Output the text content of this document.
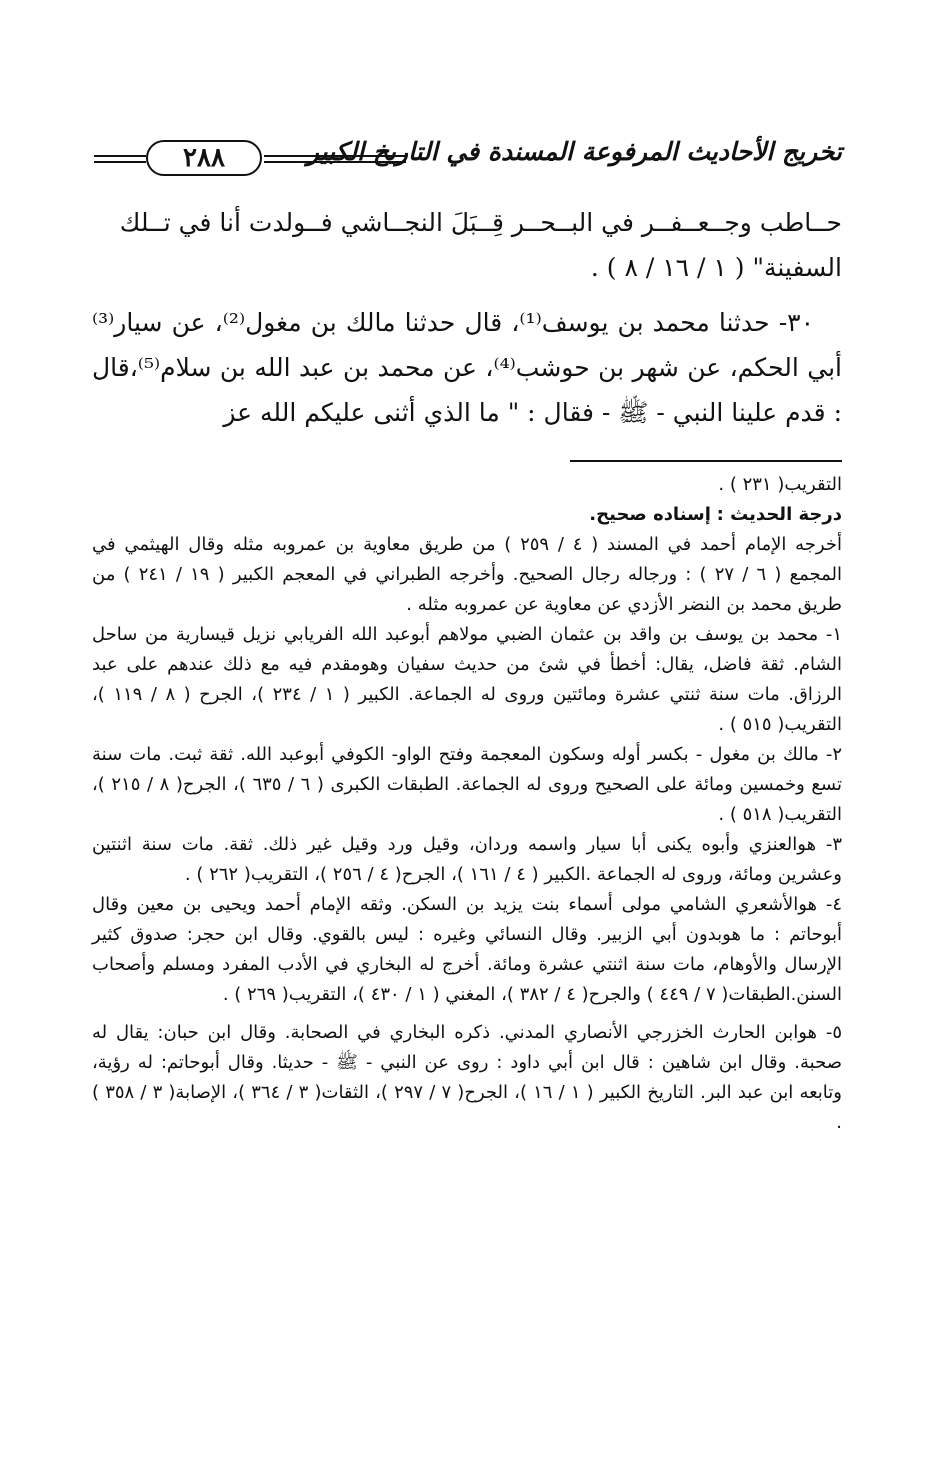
تخريج الأحاديث المرفوعة المسندة في التاريخ الكبير
٢٨٨

حــاطب وجــعــفــر في البــحــر قِــبَلَ النجــاشي فــولدت أنا في تــلك

السفينة" ( ١ / ١٦ / ٨ ) .

٣٠- حدثنا محمد بن يوسف⁽¹⁾، قال حدثنا مالك بن مغول⁽²⁾، عن سيار⁽³⁾ أبي الحكم، عن شهر بن حوشب⁽⁴⁾، عن محمد بن عبد الله بن سلام⁽⁵⁾،قال : قدم علينا النبي - ﷺ - فقال : " ما الذي أثنى عليكم الله عز

التقريب( ٢٣١ ) .

درجة الحديث : إسناده صحيح.

أخرجه الإمام أحمد في المسند ( ٤ / ٢٥٩ ) من طريق معاوية بن عمروبه مثله وقال الهيثمي في المجمع ( ٦ / ٢٧ ) : ورجاله رجال الصحيح. وأخرجه الطبراني في المعجم الكبير ( ١٩ / ٢٤١ ) من طريق محمد بن النضر الأزدي عن معاوية عن عمروبه مثله .

١- محمد بن يوسف بن واقد بن عثمان الضبي مولاهم أبوعبد الله الفريابي نزيل قيسارية من ساحل الشام. ثقة فاضل، يقال: أخطأ في شئ من حديث سفيان وهومقدم فيه مع ذلك عندهم على عبد الرزاق. مات سنة ثنتي عشرة ومائتين وروى له الجماعة. الكبير ( ١ / ٢٣٤ )، الجرح ( ٨ / ١١٩ )، التقريب( ٥١٥ ) .

٢- مالك بن مغول - بكسر أوله وسكون المعجمة وفتح الواو- الكوفي أبوعبد الله. ثقة ثبت. مات سنة تسع وخمسين ومائة على الصحيح وروى له الجماعة. الطبقات الكبرى ( ٦ / ٦٣٥ )، الجرح( ٨ / ٢١٥ )، التقريب( ٥١٨ ) .

٣- هوالعنزي وأبوه يكنى أبا سيار واسمه وردان، وقيل ورد وقيل غير ذلك. ثقة. مات سنة اثنتين وعشرين ومائة، وروى له الجماعة .الكبير ( ٤ / ١٦١ )، الجرح( ٤ / ٢٥٦ )، التقريب( ٢٦٢ ) .

٤- هوالأشعري الشامي مولى أسماء بنت يزيد بن السكن. وثقه الإمام أحمد ويحيى بن معين وقال أبوحاتم : ما هوبدون أبي الزبير. وقال النسائي وغيره : ليس بالقوي. وقال ابن حجر: صدوق كثير الإرسال والأوهام، مات سنة اثنتي عشرة ومائة. أخرج له البخاري في الأدب المفرد ومسلم وأصحاب السنن.الطبقات( ٧ / ٤٤٩ ) والجرح( ٤ / ٣٨٢ )، المغني ( ١ / ٤٣٠ )، التقريب( ٢٦٩ ) .

٥- هوابن الحارث الخزرجي الأنصاري المدني. ذكره البخاري في الصحابة. وقال ابن حبان: يقال له صحبة. وقال ابن شاهين : قال ابن أبي داود : روى عن النبي - ﷺ - حديثا. وقال أبوحاتم: له رؤية، وتابعه ابن عبد البر. التاريخ الكبير ( ١ / ١٦ )، الجرح( ٧ / ٢٩٧ )، الثقات( ٣ / ٣٦٤ )، الإصابة( ٣ / ٣٥٨ ) .
